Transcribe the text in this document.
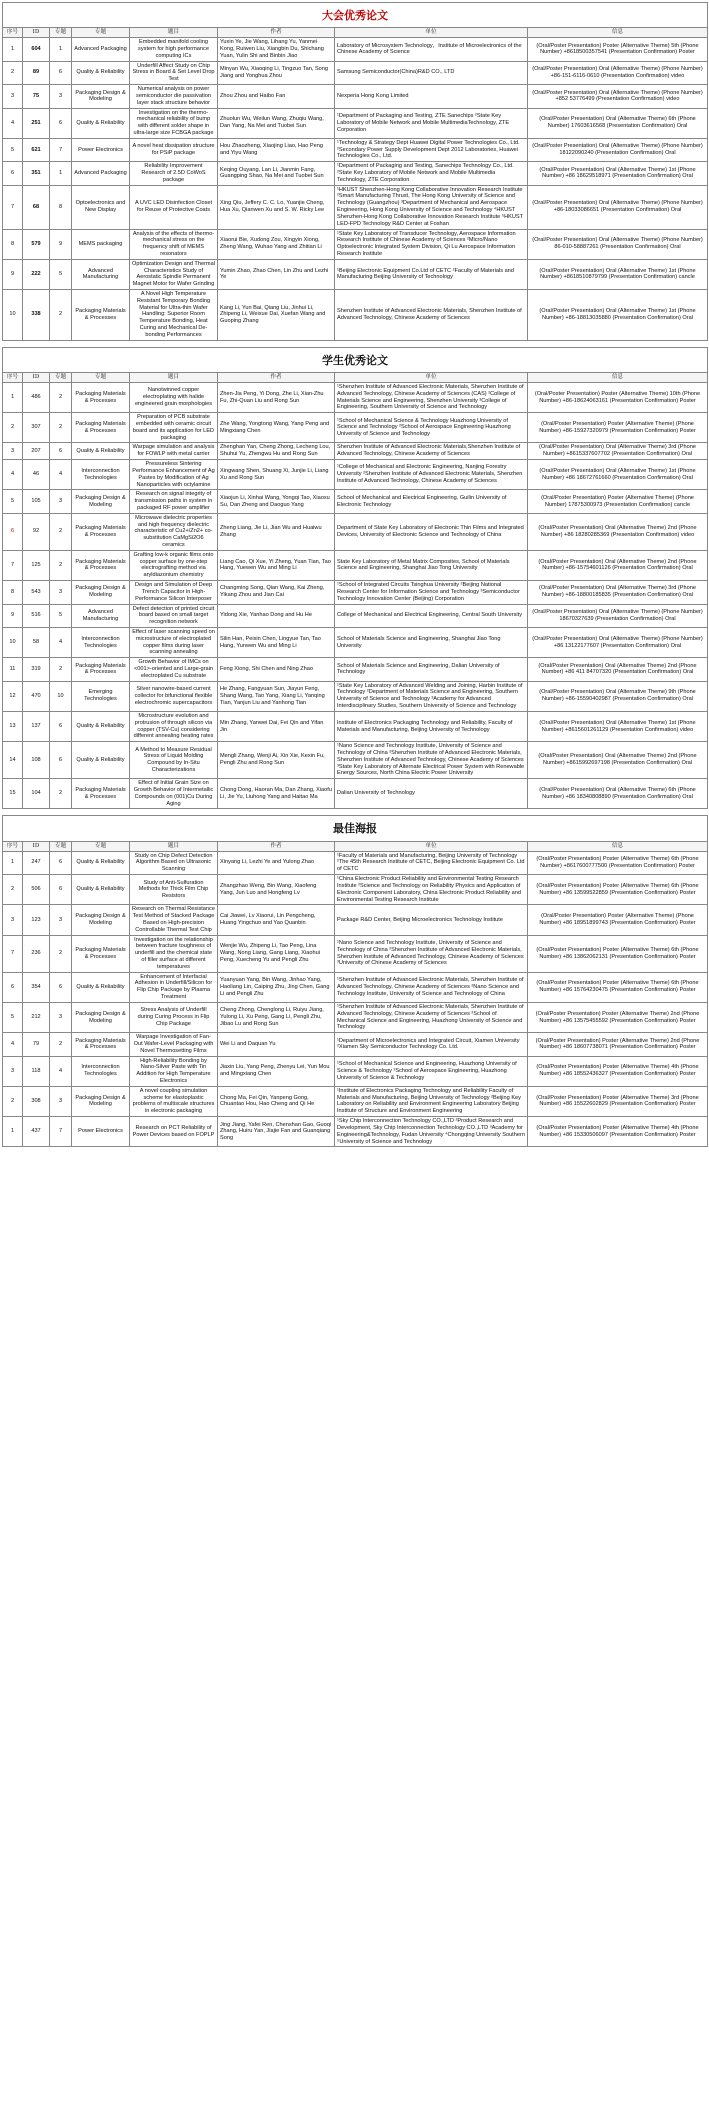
大会优秀论文							
序号	ID	专题	专题	题目	作者	单位	信息
1	604	1	Advanced Packaging	Embedded manifold cooling system for high performance computing ICs	Yuxin Ye, Jie Wang, Lihang Yu, Yanmei Kong, Ruiwen Liu, Xiangbin Du, Shichang Yuan, Yulin Shi and Binbin Jiao	Laboratory of Microsystem Technology，Institute of Microelectronics of the Chinese Academy of Science	(Oral/Poster Presentation) Poster (Alternative Theme) 5th (Phone Number) +8618500357541 (Presentation Confirmation) Poster
2	89	6	Quality & Reliability	Underfill Affect Study on Chip Stress in Board & Set Level Drop Test	Minyan Wu, Xiaoqing Li, Tingzuo Tan, Song Jiang and Yonghua Zhou	Samsung Semiconductor(China)R&D CO., LTD	(Oral/Poster Presentation) Oral (Alternative Theme) (Phone Number) +86-151-6116-0610 (Presentation Confirmation) video
3	75	3	Packaging Design & Modeling	Numerical analysis on power semiconductor die passivation layer stack structure behavior	Zhou Zhou and Haibo Fan	Nexperia Hong Kong Limited	(Oral/Poster Presentation) Oral (Alternative Theme) (Phone Number) +852 53776499 (Presentation Confirmation) video
4	251	6	Quality & Reliability	Investigation on the thermo-mechanical reliability of bump with different solder shape in ultra-large size FCBGA package	Zhuolun Wu, Weilun Wang, Zhuqiu Wang, Dan Yang, Na Mei and Tuobei Sun	¹Department of Packaging and Testing, ZTE Sanechips ²State Key Laboratory of Mobile Network and Mobile MultimediaTechnology, ZTE Corporation	(Oral/Poster Presentation) Oral (Alternative Theme) 6th (Phone Number) 17603616568 (Presentation Confirmation) Oral
5	621	7	Power Electronics	A novel heat dissipation structure for PSiP package	Hou Zhaozheng, Xiaojing Liao, Hao Peng and Yiyu Wang	¹Technology & Strategy Dept Huawei Digital Power Technologies Co., Ltd. ²Secondary Power Supply Development Dept 2012 Laboratories, Huawei Technologies Co., Ltd.	(Oral/Poster Presentation) Oral (Alternative Theme) (Phone Number) 18122090240 (Presentation Confirmation) Oral
6	351	1	Advanced Packaging	Reliability Improvement Research of 2.5D CoWoS package	Keqing Ouyang, Lan Li, Jianmin Fang, Guangping Shao, Na Mei and Tuobei Sun	¹Department of Packaging and Testing, Sanechips Technology Co., Ltd. ²State Key Laboratory of Mobile Network and Mobile Multimedia Technology, ZTE Corporation	(Oral/Poster Presentation) Oral (Alternative Theme) 1st (Phone Number) +86 18629518971 (Presentation Confirmation) Oral
7	68	8	Optoelectronics and New Display	A UVC LED Disinfection Closet for Reuse of Protective Coats	Xing Qiu, Jeffery C. C. Lo, Yuanjie Cheng, Hua Xu, Qianwen Xu and S. W. Ricky Lee	¹HKUST Shenzhen-Hong Kong Collaborative Innovation Research Institute ²Smart Manufacturing Thrust, The Hong Kong University of Science and Technology (Guangzhou) ³Department of Mechanical and Aerospace Engineering, Hong Kong University of Science and Technology ⁴HKUST Shenzhen-Hong Kong Collaborative Innovation Research Institute ⁵HKUST LED-FPD Technology R&D Center at Foshan	(Oral/Poster Presentation) Oral (Alternative Theme) (Phone Number) +86-18033086651 (Presentation Confirmation) Oral
8	579	9	MEMS packaging	Analysis of the effects of thermo-mechanical stress on the frequency shift of MEMS resonators	Xiaorui Bie, Xudong Zou, Xingyin Xiong, Zheng Wang, Wuhao Yang and Zhitian Li	¹State Key Laboratory of Transducer Technology, Aerospace Information Research Institute of Chinese Academy of Sciences ²Micro/Nano Optoelectronic Integrated System Division, Qi Lu Aerospace Information Research Institute	(Oral/Poster Presentation) Oral (Alternative Theme) (Phone Number) 86-010-58887261 (Presentation Confirmation) Oral
9	222	5	Advanced Manufacturing	Optimization Design and Thermal Characteristics Study of Aerostatic Spindle Permanent Magnet Motor for Wafer Grinding	Yumin Zhao, Zhao Chen, Lin Zhu and Lezhi Ye	¹Beijing Electronic Equipment Co.Ltd of CETC ²Faculty of Materials and Manufacturing Beijing University of Technology	(Oral/Poster Presentation) Oral (Alternative Theme) 1st (Phone Number) +8618510879799 (Presentation Confirmation) cancle
10	338	2	Packaging Materials & Processes	A Novel High Temperature Resistant Temporary Bonding Material for Ultra-thin Wafer Handling: Superior Room Temperature Bonding, Heat Curing and Mechanical De-bonding Performances	Kang Li, Yun Bai, Qiang Liu, Jinhui Li, Zhipeng Li, Weixue Dai, Xuefan Wang and Guoping Zhang	Shenzhen Institute of Advanced Electronic Materials, Shenzhen Institute of Advanced Technology, Chinese Academy of Sciences	(Oral/Poster Presentation) Oral (Alternative Theme) 1st (Phone Number) +86-18813035880 (Presentation Confirmation) Oral

学生优秀论文							
序号	ID	专题	专题	题目	作者	单位	信息
1	486	2	Packaging Materials & Processes	Nanotwinned copper electroplating with halide engineered grain morphologies	Zhen-Jia Peng, Yi Dong, Zhe Li, Xian-Zhu Fu, Zhi-Quan Liu and Rong Sun	¹Shenzhen Institute of Advanced Electronic Materials, Shenzhen Institute of Advanced Technology, Chinese Academy of Sciences (CAS) ²College of Materials Science and Engineering, Shenzhen University ³College of Engineering, Southern University of Science and Technology	(Oral/Poster Presentation) Poster (Alternative Theme) 10th (Phone Number) +86-18624063161 (Presentation Confirmation) Poster
2	307	2	Packaging Materials & Processes	Preparation of PCB substrate embedded with ceramic circuit board and its application for LED packaging	Zhe Wang, Yongtong Wang, Yang Peng and Mingxiang Chen	¹School of Mechanical Science & Technology Huazhong University of Science and Technology ²School of Aerospace Engineering Huazhong University of Science and Technology	(Oral/Poster Presentation) Poster (Alternative Theme) (Phone Number) +86-15927320979 (Presentation Confirmation) Poster
3	207	6	Quality & Reliability	Warpage simulation and analysis for FOWLP with metal carrier	Zhenghan Yan, Cheng Zhong, Lecheng Lou, Shuhui Yu, Zhengwu Hu and Rong Sun	Shenzhen Institute of Advanced Electronic Materials,Shenzhen Institute of Advanced Technology, Chinese Academy of Sciences	(Oral/Poster Presentation) Oral (Alternative Theme) 3rd (Phone Number) +8615337607702 (Presentation Confirmation) Oral
4	46	4	Interconnection Technologies	Pressureless Sintering Performance Enhancement of Ag Pastes by Modification of Ag Nanoparticles with octylamine	Xingwang Shen, Shuang Xi, Junjie Li, Liang Xu and Rong Sun	¹College of Mechanical and Electronic Engineering, Nanjing Forestry University ²Shenzhen Institute of Advanced Electronic Materials, Shenzhen Institute of Advanced Technology, Chinese Academy of Sciences	(Oral/Poster Presentation) Oral (Alternative Theme) 1st (Phone Number) +86 18672761660 (Presentation Confirmation) Oral
5	105	3	Packaging Design & Modeling	Research on signal integrity of transmission paths in system in packaged RF power amplifier	Xiaojun Li, Xinhai Wang, Yongqi Tao, Xiaoxu Su, Dan Zheng and Daoguo Yang	School of Mechanical and Electrical Engineering, Guilin University of Electronic Technology	(Oral/Poster Presentation) Poster (Alternative Theme) (Phone Number) 17875300973 (Presentation Confirmation) cancle
6	92	2	Packaging Materials & Processes	Microwave dielectric properties and high frequency dielectric characteristic of Cu2+/Zn2+ co-substitution CaMgSi2O6 ceramics	Zheng Liang, Jie Li, Jian Wu and Huaiwu Zhang	Department of State Key Laboratory of Electronic Thin Films and Integrated Devices, University of Electronic Science and Technology of China	(Oral/Poster Presentation) Oral (Alternative Theme) 2nd (Phone Number) +86 18280285369 (Presentation Confirmation) video
7	125	2	Packaging Materials & Processes	Grafting low-k organic films onto copper surface by one-step electrografting method via aryldiazonium chemistry	Liang Cao, Qi Xue, Yi Zheng, Yuan Tian, Tao Hang, Yuewen Wu and Ming Li	State Key Laboratory of Metal Matrix Composites, School of Materials Science and Engineering, Shanghai Jiao Tong University	(Oral/Poster Presentation) Oral (Alternative Theme) 2nd (Phone Number) +86-15754601126 (Presentation Confirmation) Oral
8	543	3	Packaging Design & Modeling	Design and Simulation of Deep Trench Capacitor in High-Performance Silicon Interposer	Changming Song, Qian Wang, Kai Zheng, Yikang Zhou and Jian Cai	¹School of Integrated Circuits Tsinghua University ²Beijing National Research Center for Information Science and Technology ³Semiconductor Technology Innovation Center (Beijing) Corporation	(Oral/Poster Presentation) Oral (Alternative Theme) 3rd (Phone Number) +86-18800185835 (Presentation Confirmation) Oral
9	516	5	Advanced Manufacturing	Defect detection of printed circuit board based on small target recognition network	Yidong Xie, Yanhao Dong and Hu He	College of Mechanical and Electrical Engineering, Central South University	(Oral/Poster Presentation) Oral (Alternative Theme) (Phone Number) 18670327639 (Presentation Confirmation) Oral
10	58	4	Interconnection Technologies	Effect of laser scanning speed on microstructure of electroplated copper films during laser scanning annealing	Silin Han, Peixin Chen, Lingyue Tan, Tao Hang, Yunwen Wu and Ming Li	School of Materials Science and Engineering, Shanghai Jiao Tong University	(Oral/Poster Presentation) Oral (Alternative Theme) (Phone Number) +86 13122177607 (Presentation Confirmation) Oral
11	319	2	Packaging Materials & Processes	Growth Behavior of IMCs on <001>-oriented and Large-grain electroplated Cu substrate	Feng Xiong, Shi Chen and Ning Zhao	School of Materials Science and Engineering, Dalian University of Technology	(Oral/Poster Presentation) Oral (Alternative Theme) 2nd (Phone Number) +86 411 84707320 (Presentation Confirmation) Oral
12	470	10	Emerging Technologies	Silver nanowire-based current collector for bifunctional flexible electrochromic supercapacitors	He Zhang, Fangyuan Sun, Jiayun Feng, Shang Wang, Tao Yang, Xiang Li, Yanqing Tian, Yanjun Liu and Yanhong Tian	¹State Key Laboratory of Advanced Welding and Joining, Harbin Institute of Technology ²Department of Materials Science and Engineering, Southern University of Science and Technology ³Academy for Advanced Interdisciplinary Studies, Southern University of Science and Technology	(Oral/Poster Presentation) Oral (Alternative Theme) 9th (Phone Number) +86-15590402987 (Presentation Confirmation) Oral
13	137	6	Quality & Reliability	Microstructure evolution and protrusion of through silicon via copper (TSV-Cu) considering different annealing heating rates	Min Zhang, Yanwei Dai, Fei Qin and Yifan Jin	Institute of Electronics Packaging Technology and Reliability, Faculty of Materials and Manufacturing, Beijing University of Technology	(Oral/Poster Presentation) Oral (Alternative Theme) 1st (Phone Number) +8615601261129 (Presentation Confirmation) video
14	108	6	Quality & Reliability	A Method to Measure Residual Stress of Liquid Molding Compound by In-Situ Characterizations	Mengli Zhang, Wenji Ai, Xin Xie, Kexin Fu, Pengli Zhu and Rong Sun	¹Nano Science and Technology Institute, University of Science and Technology of China ²Shenzhen Institute of Advanced Electronic Materials, Shenzhen Institute of Advanced Technology, Chinese Academy of Sciences ³State Key Laboratory of Alternate Electrical Power System with Renewable Energy Sources, North China Electric Power University	(Oral/Poster Presentation) Oral (Alternative Theme) 2nd (Phone Number) +8615992697198 (Presentation Confirmation) Oral
15	104	2	Packaging Materials & Processes	Effect of Initial Grain Size on Growth Behavior of Intermetallic Compounds on (001)Cu During Aging	Chong Dong, Haoran Ma, Dan Zhang, Xiaofu Li, Jie Yu, Liuhong Yang and Haitao Ma	Dalian University of Technology	(Oral/Poster Presentation) Oral (Alternative Theme) 6th (Phone Number) +86 18340808890 (Presentation Confirmation) Oral

最佳海报							
序号	ID	专题	专题	题目	作者	单位	信息
1	247	6	Quality & Reliability	Study on Chip Defect Detection Algorithm Based on Ultrasonic Scanning	Xinyang Li, Lezhi Ye and Yulong Zhao	¹Faculty of Materials and Manufacturing, Beijing University of Technology ²The 45th Research Institute of CETC, Beijing Electronic Equipment Co. Ltd of CETC	(Oral/Poster Presentation) Poster (Alternative Theme) 6th (Phone Number) +8617600777500 (Presentation Confirmation) Poster
2	506	6	Quality & Reliability	Study of Anti-Sulfuration Methods for Thick Film Chip Resistors	Zhangzhao Weng, Bin Wang, Xiaofeng Yang, Jun Luo and Hongfeng Lv	¹China Electronic Product Reliability and Environmental Testing Research Institute ²Science and Technology on Reliability Physics and Application of Electronic Component Laboratory, China Electronic Product Reliability and Environmental Testing Research Institute	(Oral/Poster Presentation) Poster (Alternative Theme) 6th (Phone Number) +86 13599522859 (Presentation Confirmation) Poster
3	123	3	Packaging Design & Modeling	Research on Thermal Resistance Test Method of Stacked Package Based on High-precision Controllable Thermal Test Chip	Cai Jiawei, Lv Xiaorui, Lin Pengcheng, Huang Yingchuo and Yao Quanbin	Package R&D Center, Beijing Microelectronics Technology Institute	(Oral/Poster Presentation) Poster (Alternative Theme) (Phone Number) +86 18951899743 (Presentation Confirmation) Poster
7	236	2	Packaging Materials & Processes	Investigation on the relationship between fracture toughness of underfill and the chemical state of filler surface at different temperatures	Wenjie Wu, Zhipeng Li, Tao Peng, Lina Wang, Nong Liang, Gang Liang, Xiaohui Peng, Xuecheng Yu and Pengli Zhu	¹Nano Science and Technology Institute, University of Science and Technology of China ²Shenzhen Institute of Advanced Electronic Materials, Shenzhen Institute of Advanced Technology, Chinese Academy of Sciences ³University of Chinese Academy of Sciences	(Oral/Poster Presentation) Poster (Alternative Theme) 6th (Phone Number) +86 13862062131 (Presentation Confirmation) Poster
6	354	6	Quality & Reliability	Enhancement of Interfacial Adhesion in Underfill/Silicon for Flip Chip Package by Plasma Treatment	Yuanyuan Yang, Bin Wang, Jinhao Yang, Haoliang Lin, Caiping Zhu, Jing Chen, Gang Li and Pengli Zhu	¹Shenzhen Institute of Advanced Electronic Materials, Shenzhen Institute of Advanced Technology, Chinese Academy of Sciences ²Nano Science and Technology Institute, University of Science and Technology of China	(Oral/Poster Presentation) Poster (Alternative Theme) 6th (Phone Number) +86 15764230475 (Presentation Confirmation) Poster
5	212	3	Packaging Design & Modeling	Stress Analysis of Underfill during Curing Process in Flip Chip Package	Cheng Zhong, Chenglong Li, Ruiyu Jiang, Yulong Li, Xu Peng, Gang Li, Pengli Zhu, Jibao Lu and Rong Sun	¹Shenzhen Institute of Advanced Electronic Materials, Shenzhen Institute of Advanced Technology, Chinese Academy of Sciences ²School of Mechanical Science and Engineering, Huazhong University of Science and Technology	(Oral/Poster Presentation) Poster (Alternative Theme) 2nd (Phone Number) +86 13575455592 (Presentation Confirmation) Poster
4	79	2	Packaging Materials & Processes	Warpage Investigation of Fan-Out Wafer-Level Packaging with Novel Thermosetting Films	Wei Li and Daquan Yu	¹Department of Microelectronics and Integrated Circuit, Xiamen University ²Xiamen Sky Semiconductor Technology Co. Ltd.	(Oral/Poster Presentation) Poster (Alternative Theme) 2nd (Phone Number) +86 18607738071 (Presentation Confirmation) Poster
3	118	4	Interconnection Technologies	High-Reliability Bonding by Nano-Silver Paste with Tin Addition for High Temperature Electronics	Jiaxin Liu, Yang Peng, Zhenyu Lei, Yun Mou and Mingxiang Chen	¹School of Mechanical Science and Engineering, Huazhong University of Science & Technology ²School of Aerospace Engineering, Huazhong University of Science & Technology	(Oral/Poster Presentation) Poster (Alternative Theme) 4th (Phone Number) +86 18552436327 (Presentation Confirmation) Poster
2	308	3	Packaging Design & Modeling	A novel coupling simulation scheme for elastoplastic problems of multiscale structures in electronic packaging	Chong Ma, Fei Qin, Yanpeng Gong, Chuantao Hou, Hao Cheng and Qi He	¹Institute of Electronics Packaging Technology and Reliability Faculty of Materials and Manufacturing, Beijing University of Technology ²Beijing Key Laboratory on Reliability and Environment Engineering Laboratory Beijing Institute of Structure and Environment Engineering	(Oral/Poster Presentation) Poster (Alternative Theme) 3rd (Phone Number) +86 15522602829 (Presentation Confirmation) Poster
1	437	7	Power Electronics	Research on PCT Reliability of Power Devices based on FOPLP	Jing Jiang, Yafei Ren, Chenshan Gao, Guoqi Zhang, Huiru Yan, Jiajie Fan and Guanqiang Song	¹Sky Chip Interconnection Technology CO.,LTD ²Product Research and Development, Sky Chip Interconnection Technology CO.,LTD ³Academy for Engineering&Technology, Fudan University ⁴Chongqing University Southern ⁵University of Science and Technology	(Oral/Poster Presentation) Poster (Alternative Theme) 4th (Phone Number) +86 15330506097 (Presentation Confirmation) Poster
